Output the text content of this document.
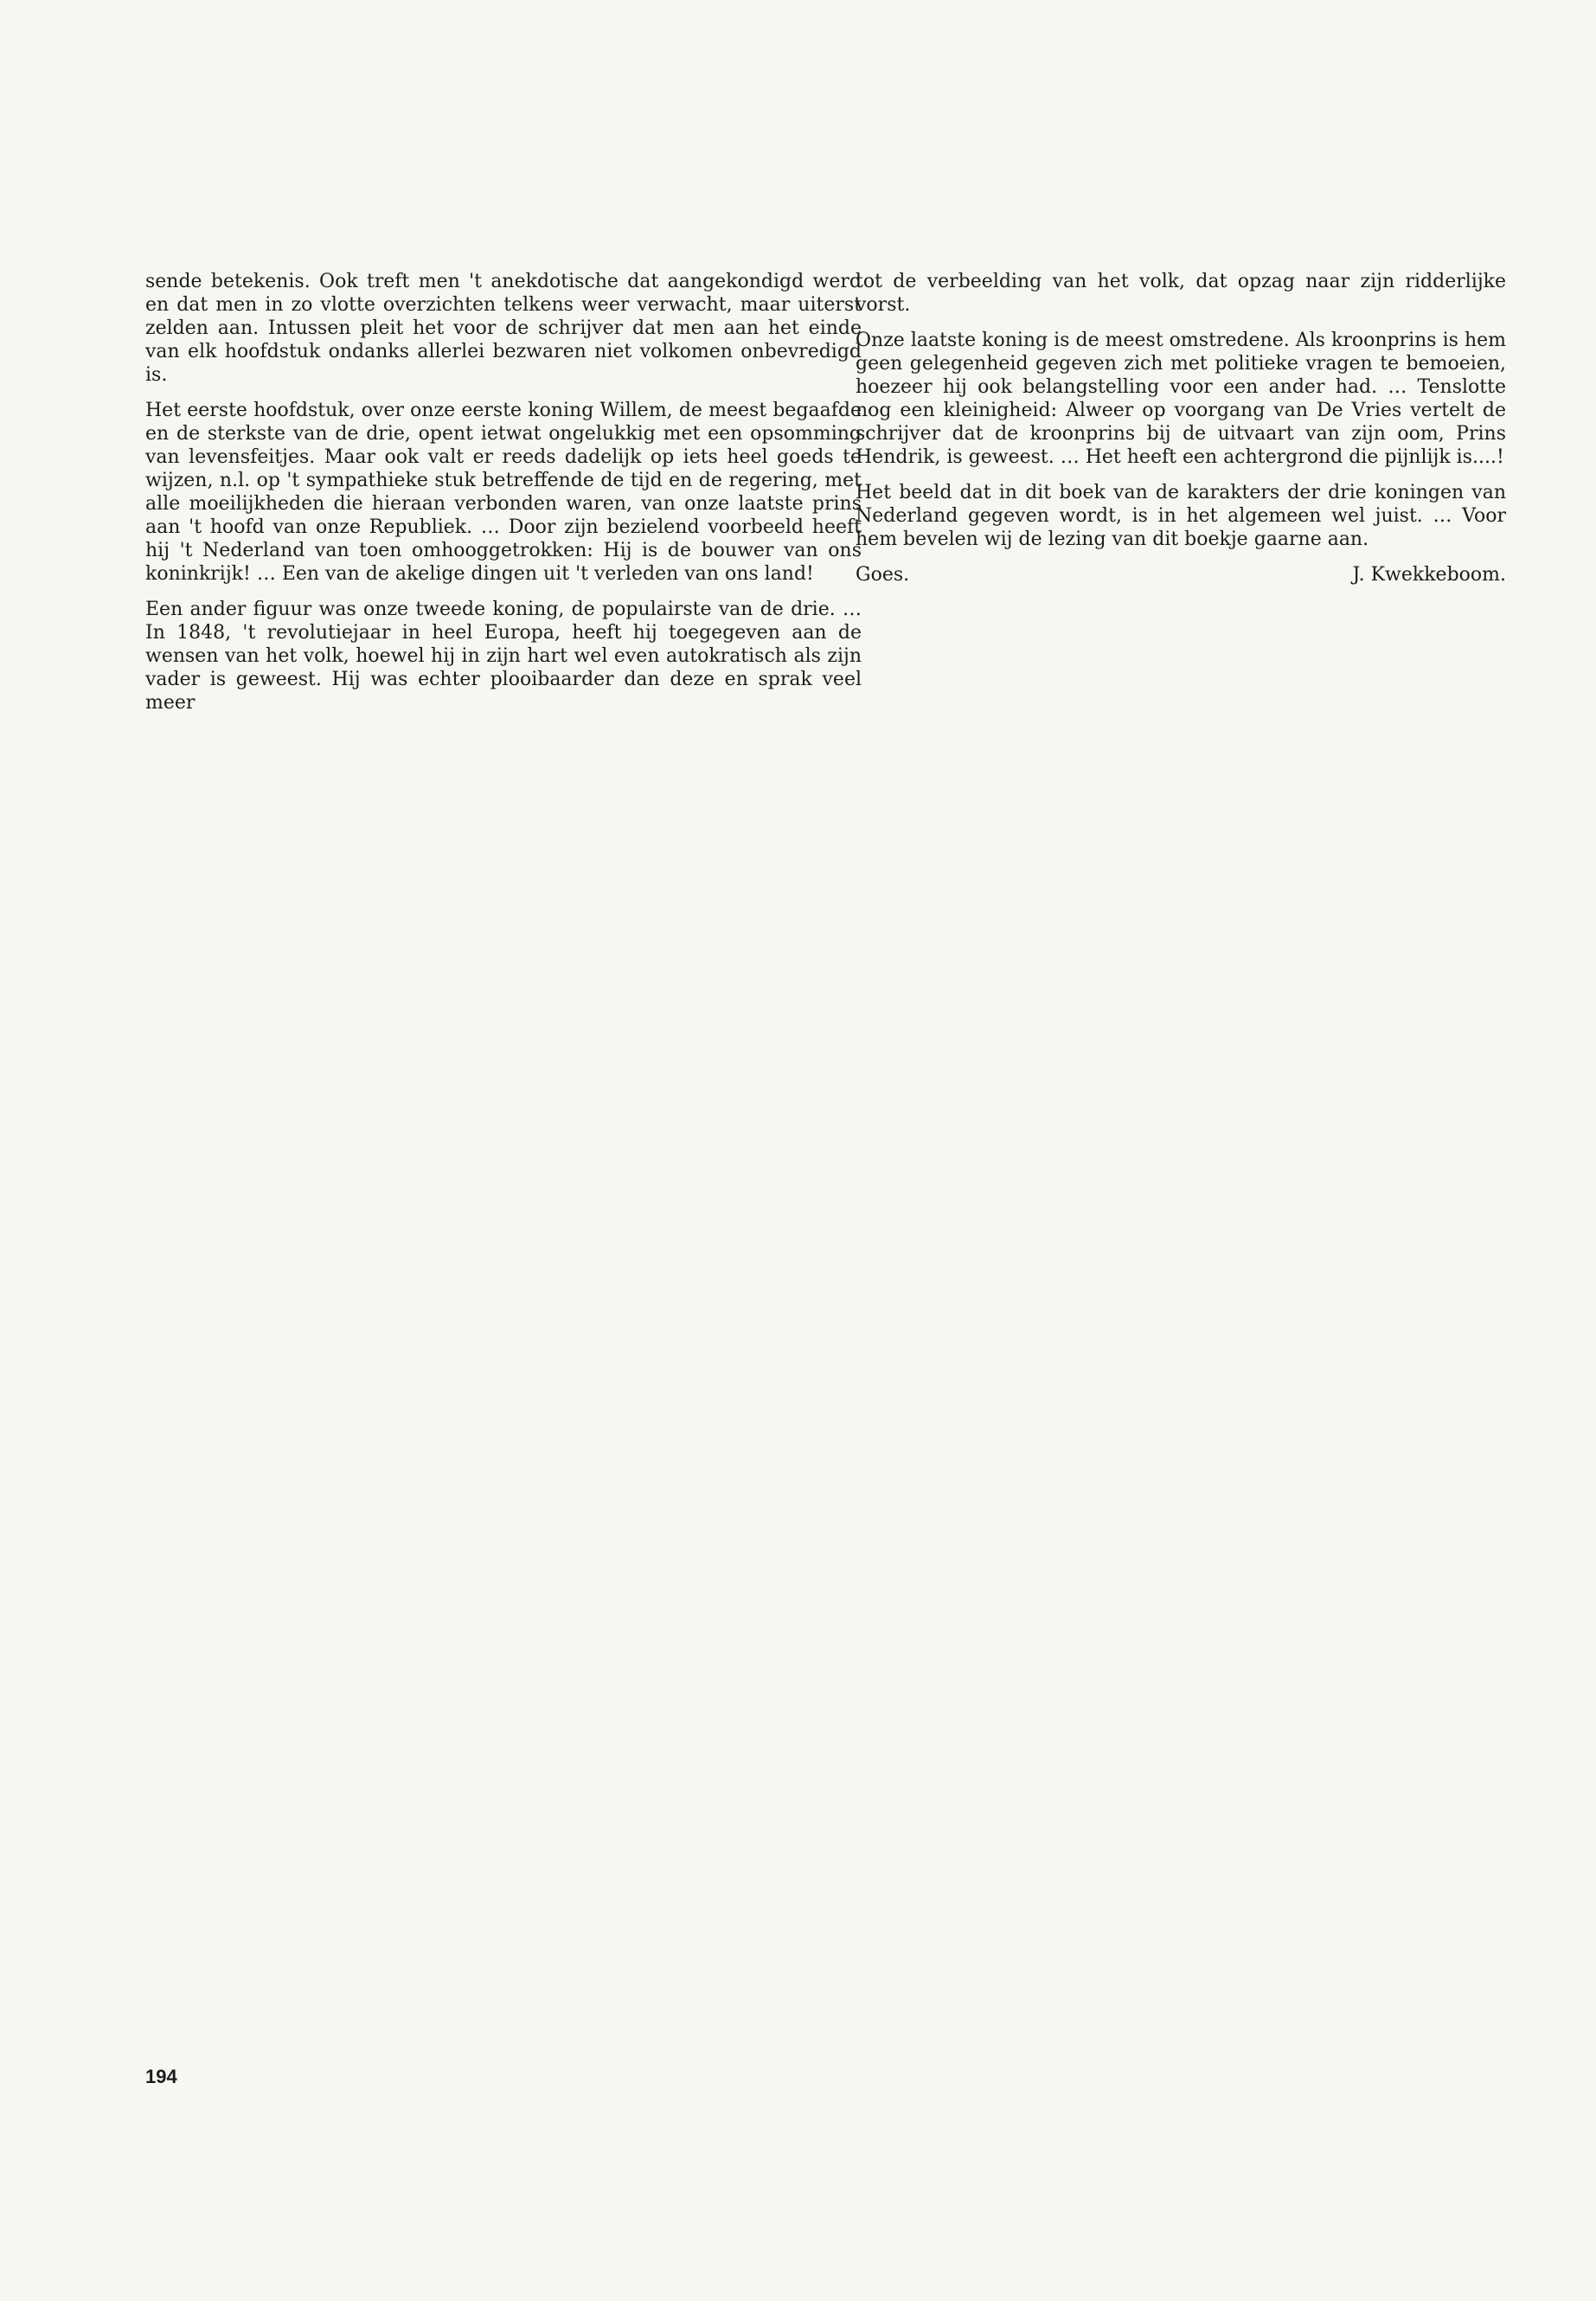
sende betekenis. Ook treft men 't anekdotische dat aangekondigd werd en dat men in zo vlotte overzichten telkens weer verwacht, maar uiterst zelden aan. Intussen pleit het voor de schrijver dat men aan het einde van elk hoofdstuk ondanks allerlei bezwaren niet volkomen onbevredigd is.

Het eerste hoofdstuk, over onze eerste koning Willem, de meest begaafde en de sterkste van de drie, opent ietwat ongelukkig met een opsomming van levensfeitjes. Maar ook valt er reeds dadelijk op iets heel goeds te wijzen, n.l. op 't sympathieke stuk betreffende de tijd en de regering, met alle moeilijkheden die hieraan verbonden waren, van onze laatste prins aan 't hoofd van onze Republiek. … Door zijn bezielend voorbeeld heeft hij 't Nederland van toen omhooggetrokken: Hij is de bouwer van ons koninkrijk! … Een van de akelige dingen uit 't verleden van ons land!

Een ander figuur was onze tweede koning, de populairste van de drie. … In 1848, 't revolutiejaar in heel Europa, heeft hij toegegeven aan de wensen van het volk, hoewel hij in zijn hart wel even autokratisch als zijn vader is geweest. Hij was echter plooibaarder dan deze en sprak veel meer

tot de verbeelding van het volk, dat opzag naar zijn ridderlijke vorst.

Onze laatste koning is de meest omstredene. Als kroonprins is hem geen gelegenheid gegeven zich met politieke vragen te bemoeien, hoezeer hij ook belangstelling voor een ander had. … Tenslotte nog een kleinigheid: Alweer op voorgang van De Vries vertelt de schrijver dat de kroonprins bij de uitvaart van zijn oom, Prins Hendrik, is geweest. … Het heeft een achtergrond die pijnlijk is....!

Het beeld dat in dit boek van de karakters der drie koningen van Nederland gegeven wordt, is in het algemeen wel juist. … Voor hem bevelen wij de lezing van dit boekje gaarne aan.

Goes.	J. Kwekkeboom.
194
